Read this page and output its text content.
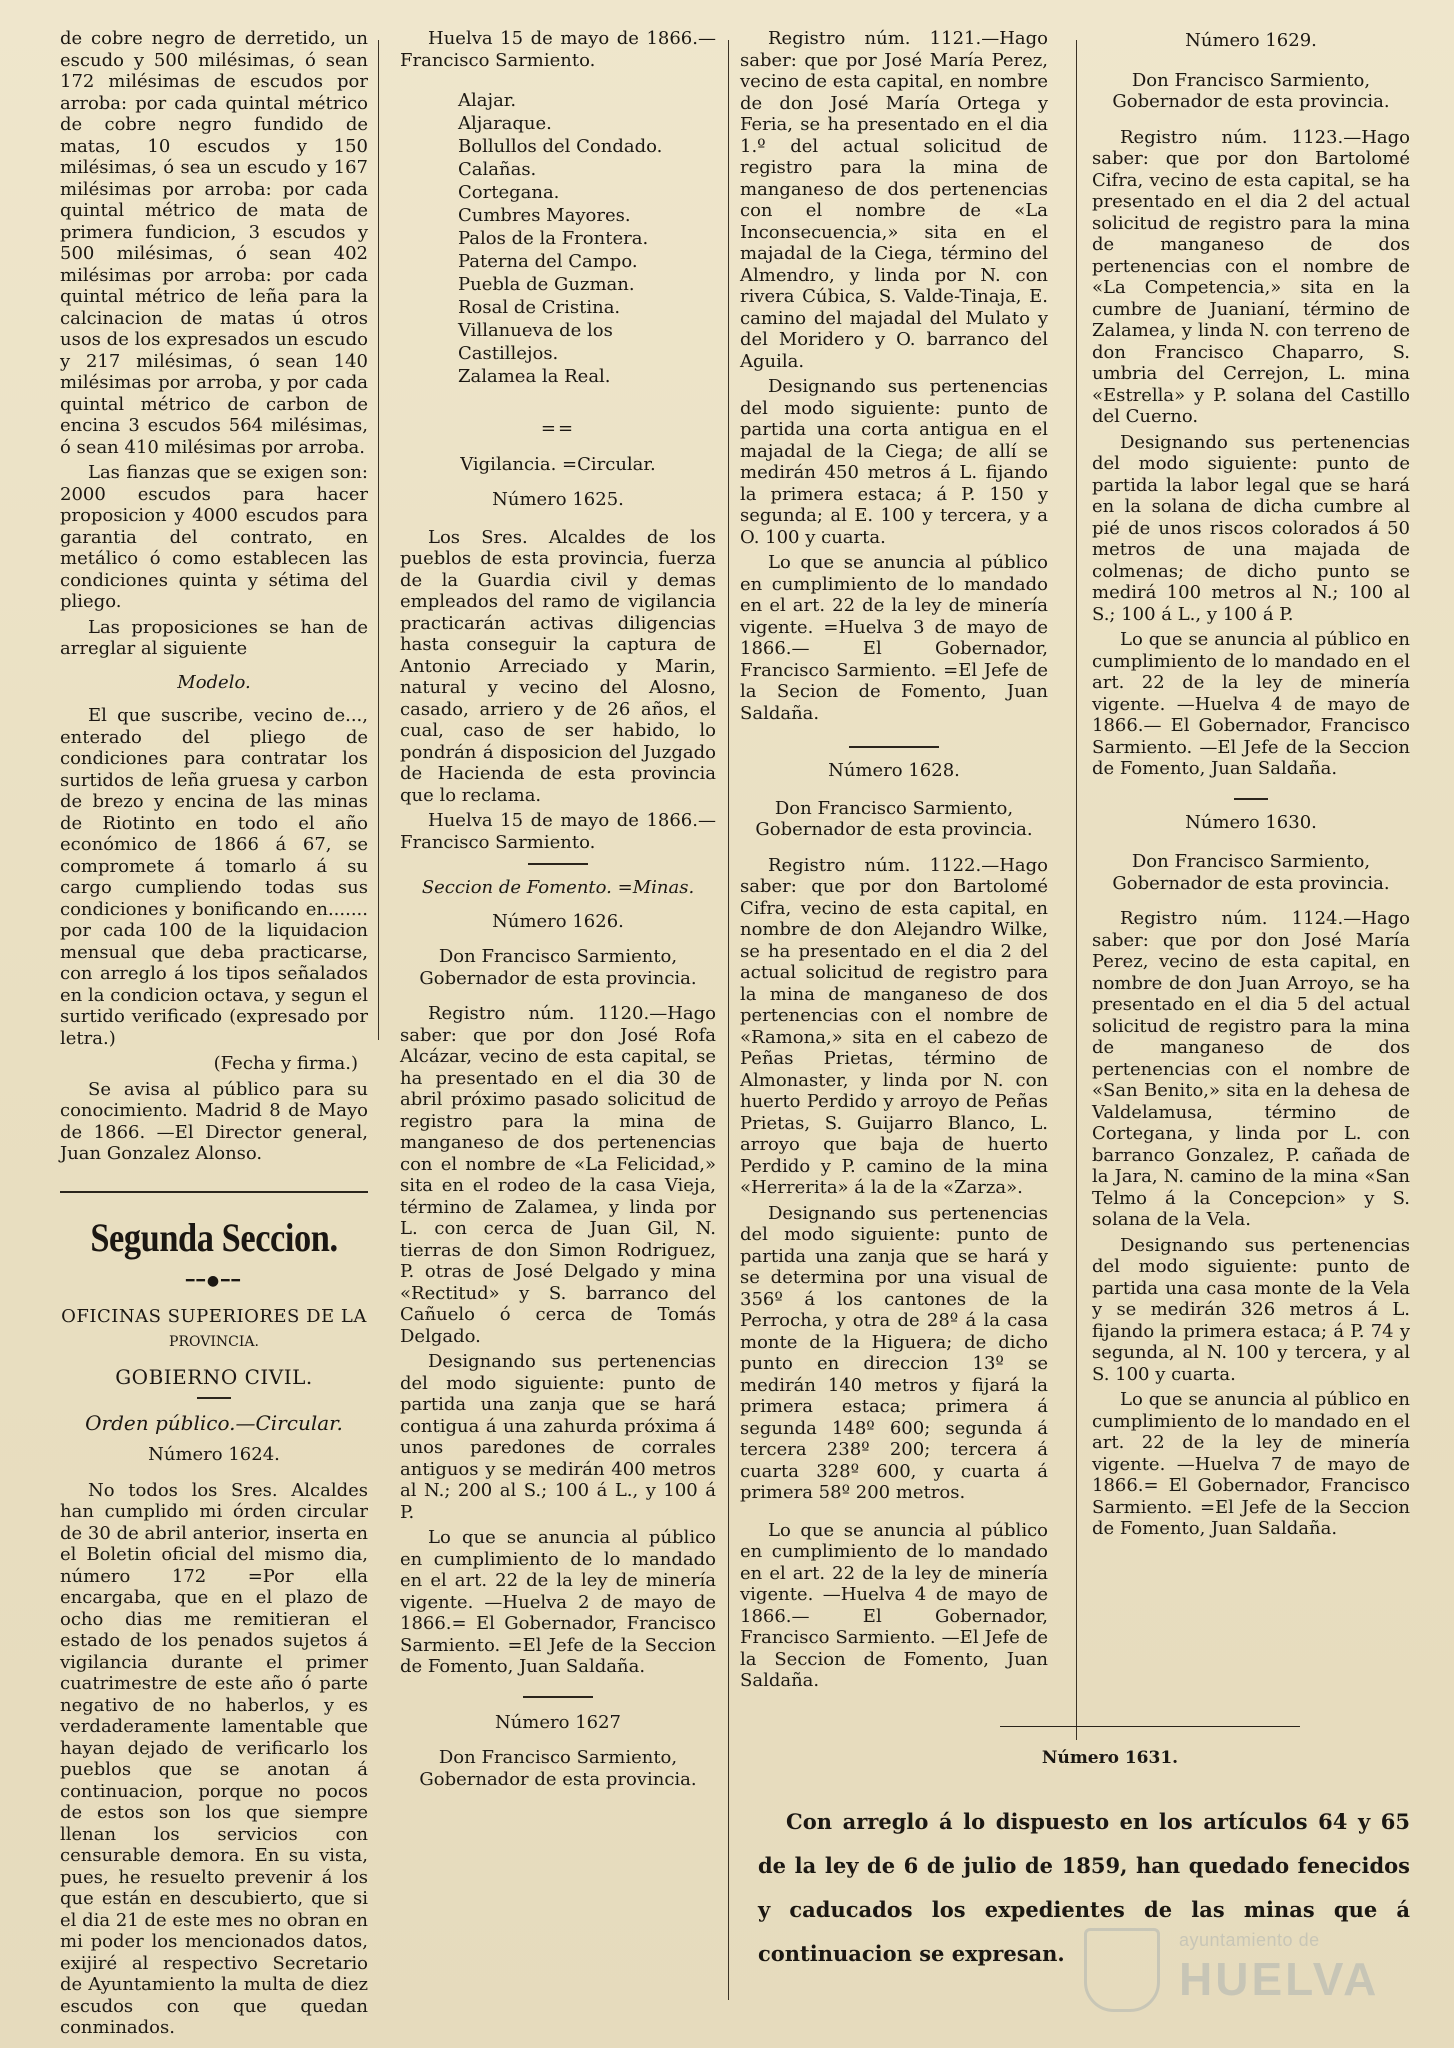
de cobre negro de derretido, un escudo y 500 milésimas, ó sean 172 milésimas de escudos por arroba: por cada quintal métrico de cobre negro fundido de matas, 10 escudos y 150 milésimas, ó sea un escudo y 167 milésimas por arroba: por cada quintal métrico de mata de primera fundicion, 3 escudos y 500 milésimas, ó sean 402 milésimas por arroba: por cada quintal métrico de leña para la calcinacion de matas ú otros usos de los expresados un escudo y 217 milésimas, ó sean 140 milésimas por arroba, y por cada quintal métrico de carbon de encina 3 escudos 564 milésimas, ó sean 410 milésimas por arroba.

Las fianzas que se exigen son: 2000 escudos para hacer proposicion y 4000 escudos para garantia del contrato, en metálico ó como establecen las condiciones quinta y sétima del pliego.

Las proposiciones se han de arreglar al siguiente

Modelo.

El que suscribe, vecino de..., enterado del pliego de condiciones para contratar los surtidos de leña gruesa y carbon de brezo y encina de las minas de Riotinto en todo el año económico de 1866 á 67, se compromete á tomarlo á su cargo cumpliendo todas sus condiciones y bonificando en....... por cada 100 de la liquidacion mensual que deba practicarse, con arreglo á los tipos señalados en la condicion octava, y segun el surtido verificado (expresado por letra.)

(Fecha y firma.)

Se avisa al público para su conocimiento. Madrid 8 de Mayo de 1866. —El Director general, Juan Gonzalez Alonso.

Segunda Seccion.
━━●━━

OFICINAS SUPERIORES DE LA

PROVINCIA.

GOBIERNO CIVIL.

Orden público.—Circular.

Número 1624.

No todos los Sres. Alcaldes han cumplido mi órden circular de 30 de abril anterior, inserta en el Boletin oficial del mismo dia, número 172 =Por ella encargaba, que en el plazo de ocho dias me remitieran el estado de los penados sujetos á vigilancia durante el primer cuatrimestre de este año ó parte negativo de no haberlos, y es verdaderamente lamentable que hayan dejado de verificarlo los pueblos que se anotan á continuacion, porque no pocos de estos son los que siempre llenan los servicios con censurable demora. En su vista, pues, he resuelto prevenir á los que están en descubierto, que si el dia 21 de este mes no obran en mi poder los mencionados datos, exijiré al respectivo Secretario de Ayuntamiento la multa de diez escudos con que quedan conminados.

Huelva 15 de mayo de 1866.— Francisco Sarmiento.

Alajar.
Aljaraque.
Bollullos del Condado.
Calañas.
Cortegana.
Cumbres Mayores.
Palos de la Frontera.
Paterna del Campo.
Puebla de Guzman.
Rosal de Cristina.
Villanueva de los Castillejos.
Zalamea la Real.

==

Vigilancia. =Circular.

Número 1625.

Los Sres. Alcaldes de los pueblos de esta provincia, fuerza de la Guardia civil y demas empleados del ramo de vigilancia practicarán activas diligencias hasta conseguir la captura de Antonio Arreciado y Marin, natural y vecino del Alosno, casado, arriero y de 26 años, el cual, caso de ser habido, lo pondrán á disposicion del Juzgado de Hacienda de esta provincia que lo reclama.

Huelva 15 de mayo de 1866.— Francisco Sarmiento.

Seccion de Fomento. =Minas.

Número 1626.

Don Francisco Sarmiento, Gobernador de esta provincia.

Registro núm. 1120.—Hago saber: que por don José Rofa Alcázar, vecino de esta capital, se ha presentado en el dia 30 de abril próximo pasado solicitud de registro para la mina de manganeso de dos pertenencias con el nombre de «La Felicidad,» sita en el rodeo de la casa Vieja, término de Zalamea, y linda por L. con cerca de Juan Gil, N. tierras de don Simon Rodriguez, P. otras de José Delgado y mina «Rectitud» y S. barranco del Cañuelo ó cerca de Tomás Delgado.

Designando sus pertenencias del modo siguiente: punto de partida una zanja que se hará contigua á una zahurda próxima á unos paredones de corrales antiguos y se medirán 400 metros al N.; 200 al S.; 100 á L., y 100 á P.

Lo que se anuncia al público en cumplimiento de lo mandado en el art. 22 de la ley de minería vigente. —Huelva 2 de mayo de 1866.= El Gobernador, Francisco Sarmiento. =El Jefe de la Seccion de Fomento, Juan Saldaña.

Número 1627

Don Francisco Sarmiento, Gobernador de esta provincia.

Registro núm. 1121.—Hago saber: que por José María Perez, vecino de esta capital, en nombre de don José María Ortega y Feria, se ha presentado en el dia 1.º del actual solicitud de registro para la mina de manganeso de dos pertenencias con el nombre de «La Inconsecuencia,» sita en el majadal de la Ciega, término del Almendro, y linda por N. con rivera Cúbica, S. Valde-Tinaja, E. camino del majadal del Mulato y del Moridero y O. barranco del Aguila.

Designando sus pertenencias del modo siguiente: punto de partida una corta antigua en el majadal de la Ciega; de allí se medirán 450 metros á L. fijando la primera estaca; á P. 150 y segunda; al E. 100 y tercera, y a O. 100 y cuarta.

Lo que se anuncia al público en cumplimiento de lo mandado en el art. 22 de la ley de minería vigente. =Huelva 3 de mayo de 1866.— El Gobernador, Francisco Sarmiento. =El Jefe de la Secion de Fomento, Juan Saldaña.

Número 1628.

Don Francisco Sarmiento, Gobernador de esta provincia.

Registro núm. 1122.—Hago saber: que por don Bartolomé Cifra, vecino de esta capital, en nombre de don Alejandro Wilke, se ha presentado en el dia 2 del actual solicitud de registro para la mina de manganeso de dos pertenencias con el nombre de «Ramona,» sita en el cabezo de Peñas Prietas, término de Almonaster, y linda por N. con huerto Perdido y arroyo de Peñas Prietas, S. Guijarro Blanco, L. arroyo que baja de huerto Perdido y P. camino de la mina «Herrerita» á la de la «Zarza».

Designando sus pertenencias del modo siguiente: punto de partida una zanja que se hará y se determina por una visual de 356º á los cantones de la Perrocha, y otra de 28º á la casa monte de la Higuera; de dicho punto en direccion 13º se medirán 140 metros y fijará la primera estaca; primera á segunda 148º 600; segunda á tercera 238º 200; tercera á cuarta 328º 600, y cuarta á primera 58º 200 metros.

Lo que se anuncia al público en cumplimiento de lo mandado en el art. 22 de la ley de minería vigente. —Huelva 4 de mayo de 1866.— El Gobernador, Francisco Sarmiento. —El Jefe de la Seccion de Fomento, Juan Saldaña.

Número 1629.

Don Francisco Sarmiento, Gobernador de esta provincia.

Registro núm. 1123.—Hago saber: que por don Bartolomé Cifra, vecino de esta capital, se ha presentado en el dia 2 del actual solicitud de registro para la mina de manganeso de dos pertenencias con el nombre de «La Competencia,» sita en la cumbre de Juanianí, término de Zalamea, y linda N. con terreno de don Francisco Chaparro, S. umbria del Cerrejon, L. mina «Estrella» y P. solana del Castillo del Cuerno.

Designando sus pertenencias del modo siguiente: punto de partida la labor legal que se hará en la solana de dicha cumbre al pié de unos riscos colorados á 50 metros de una majada de colmenas; de dicho punto se medirá 100 metros al N.; 100 al S.; 100 á L., y 100 á P.

Lo que se anuncia al público en cumplimiento de lo mandado en el art. 22 de la ley de minería vigente. —Huelva 4 de mayo de 1866.— El Gobernador, Francisco Sarmiento. —El Jefe de la Seccion de Fomento, Juan Saldaña.

Número 1630.

Don Francisco Sarmiento, Gobernador de esta provincia.

Registro núm. 1124.—Hago saber: que por don José María Perez, vecino de esta capital, en nombre de don Juan Arroyo, se ha presentado en el dia 5 del actual solicitud de registro para la mina de manganeso de dos pertenencias con el nombre de «San Benito,» sita en la dehesa de Valdelamusa, término de Cortegana, y linda por L. con barranco Gonzalez, P. cañada de la Jara, N. camino de la mina «San Telmo á la Concepcion» y S. solana de la Vela.

Designando sus pertenencias del modo siguiente: punto de partida una casa monte de la Vela y se medirán 326 metros á L. fijando la primera estaca; á P. 74 y segunda, al N. 100 y tercera, y al S. 100 y cuarta.

Lo que se anuncia al público en cumplimiento de lo mandado en el art. 22 de la ley de minería vigente. —Huelva 7 de mayo de 1866.= El Gobernador, Francisco Sarmiento. =El Jefe de la Seccion de Fomento, Juan Saldaña.

Número 1631.

Con arreglo á lo dispuesto en los artículos 64 y 65 de la ley de 6 de julio de 1859, han quedado fenecidos y caducados los expedientes de las minas que á continuacion se expresan.

ayuntamiento de
HUELVA
